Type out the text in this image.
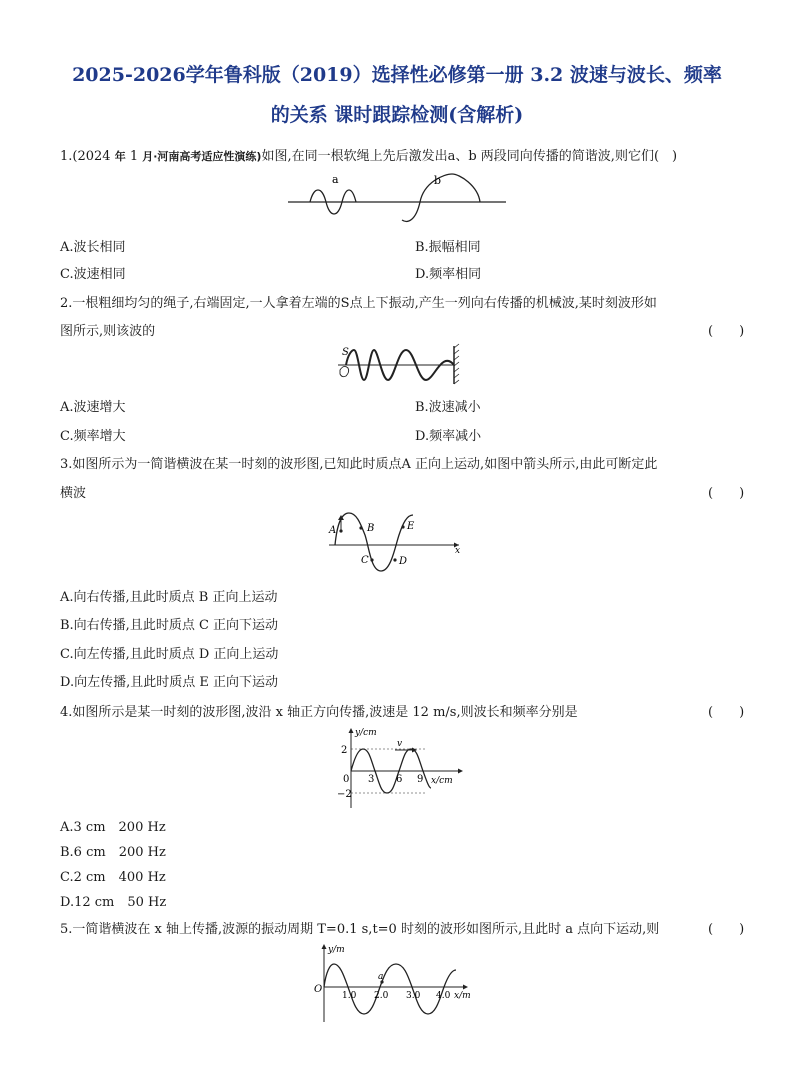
2025-2026学年鲁科版（2019）选择性必修第一册 3.2 波速与波长、频率
的关系 课时跟踪检测(含解析)
1.(2024 年 1 月·河南高考适应性演练)如图,在同一根软绳上先后激发出a、b 两段同向传播的简谐波,则它们(　)
a	b
A.波长相同	B.振幅相同
C.波速相同	D.频率相同
2.一根粗细均匀的绳子,右端固定,一人拿着左端的S点上下振动,产生一列向右传播的机械波,某时刻波形如
图所示,则该波的	(　　)
S
A.波速增大	B.波速减小
C.频率增大	D.频率减小
3.如图所示为一简谐横波在某一时刻的波形图,已知此时质点A 正向上运动,如图中箭头所示,由此可断定此
横波	(　　)
A	B
C	D
E
x
A.向右传播,且此时质点 B 正向上运动
B.向右传播,且此时质点 C 正向下运动
C.向左传播,且此时质点 D 正向上运动
D.向左传播,且此时质点 E 正向下运动
4.如图所示是某一时刻的波形图,波沿 x 轴正方向传播,波速是 12 m/s,则波长和频率分别是	(　　)
v
y/cm
x/cm
2
0 3 6 9
−2
A.3 cm　200 Hz
B.6 cm　200 Hz
C.2 cm　400 Hz
D.12 cm　50 Hz
5.一简谐横波在 x 轴上传播,波源的振动周期 T=0.1 s,t=0 时刻的波形如图所示,且此时 a 点向下运动,则	(　　)
a
y/m
x/m
O
1.0 2.0 3.0 4.0
